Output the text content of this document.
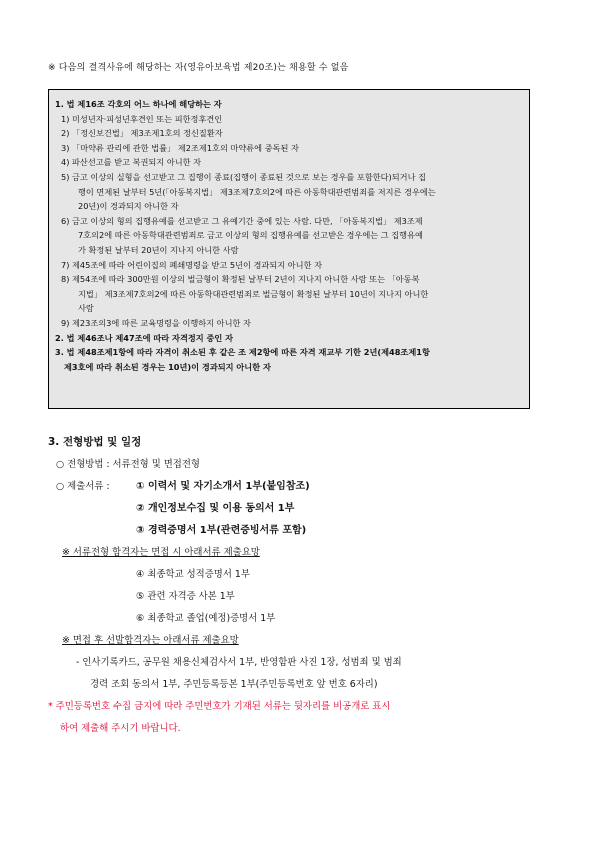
※ 다음의 결격사유에 해당하는 자(영유아보육법 제20조)는 채용할 수 없음
1. 법 제16조 각호의 어느 하나에 해당하는 자
1) 미성년자·피성년후견인 또는 피한정후견인
2) 「정신보건법」 제3조제1호의 정신질환자
3) 「마약류 관리에 관한 법률」 제2조제1호의 마약류에 중독된 자
4) 파산선고를 받고 복권되지 아니한 자
5) 금고 이상의 실형을 선고받고 그 집행이 종료(집행이 종료된 것으로 보는 경우를 포함한다)되거나 집
행이 면제된 날부터 5년(「아동복지법」 제3조제7호의2에 따른 아동학대관련범죄를 저지른 경우에는
20년)이 경과되지 아니한 자
6) 금고 이상의 형의 집행유예를 선고받고 그 유예기간 중에 있는 사람. 다만, 「아동복지법」 제3조제
7호의2에 따른 아동학대관련범죄로 금고 이상의 형의 집행유예를 선고받은 경우에는 그 집행유예
가 확정된 날부터 20년이 지나지 아니한 사람
7) 제45조에 따라 어린이집의 폐쇄명령을 받고 5년이 경과되지 아니한 자
8) 제54조에 따라 300만원 이상의 벌금형이 확정된 날부터 2년이 지나지 아니한 사람 또는 「아동복
지법」 제3조제7호의2에 따른 아동학대관련범죄로 벌금형이 확정된 날부터 10년이 지나지 아니한
사람
9) 제23조의3에 따른 교육명령을 이행하지 아니한 자
2. 법 제46조나 제47조에 따라 자격정지 중인 자
3. 법 제48조제1항에 따라 자격이 취소된 후 같은 조 제2항에 따른 자격 재교부 기한 2년(제48조제1항
제3호에 따라 취소된 경우는 10년)이 경과되지 아니한 자
3. 전형방법 및 일정
○ 전형방법 : 서류전형 및 면접전형
○ 제출서류 :	① 이력서 및 자기소개서 1부(붙임참조)
② 개인정보수집 및 이용 동의서 1부
③ 경력증명서 1부(관련증빙서류 포함)
※ 서류전형 합격자는 면접 시 아래서류 제출요망
④ 최종학교 성적증명서 1부
⑤ 관련 자격증 사본 1부
⑥ 최종학교 졸업(예정)증명서 1부
※ 면접 후 선발합격자는 아래서류 제출요망
- 인사기록카드, 공무원 채용신체검사서 1부, 반영함판 사진 1장, 성범죄 및 범죄
경력 조회 동의서 1부, 주민등록등본 1부(주민등록번호 앞 번호 6자리)
* 주민등록번호 수집 금지에 따라 주민번호가 기재된 서류는 뒷자리를 비공개로 표시
하여 제출해 주시기 바랍니다.
